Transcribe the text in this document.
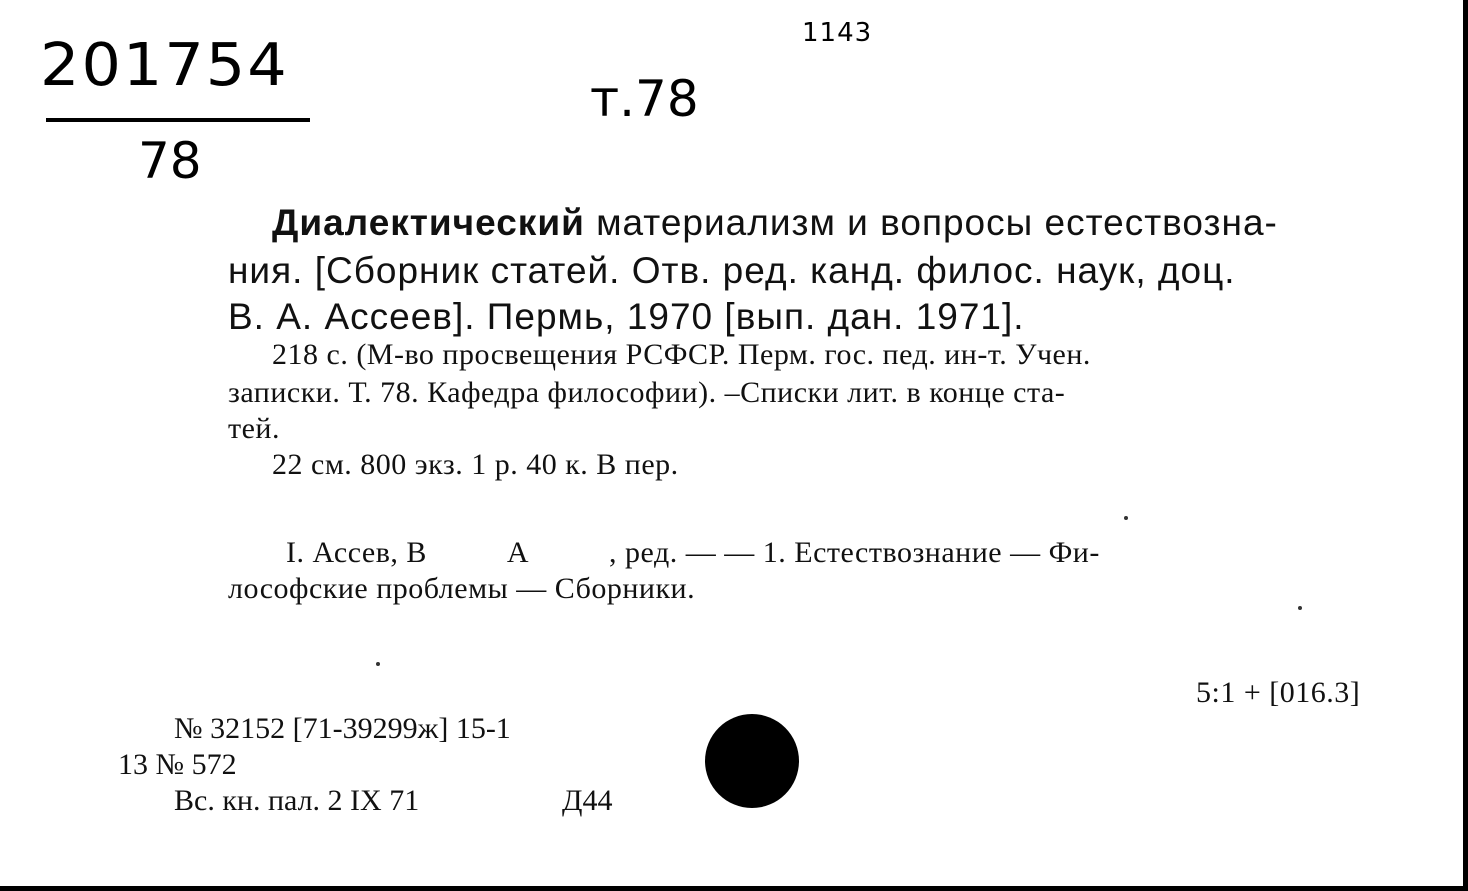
201754
78
т.78
1143
Диалектический материализм и вопросы естествозна-
ния. [Сборник статей. Отв. ред. канд. филос. наук, доц.
В. А. Ассеев]. Пермь, 1970 [вып. дан. 1971].
218 с. (М-во просвещения РСФСР. Перм. гос. пед. ин-т. Учен.
записки. Т. 78. Кафедра философии). –Списки лит. в конце ста-
тей.
22 см. 800 экз. 1 р. 40 к. В пер.
I. Ассев, В          А          , ред. — — 1. Естествознание — Фи-
лософские проблемы — Сборники.
5:1 + [016.3]
№ 32152 [71-39299ж] 15-1
13 № 572
Вс. кн. пал. 2 IX 71	Д44
